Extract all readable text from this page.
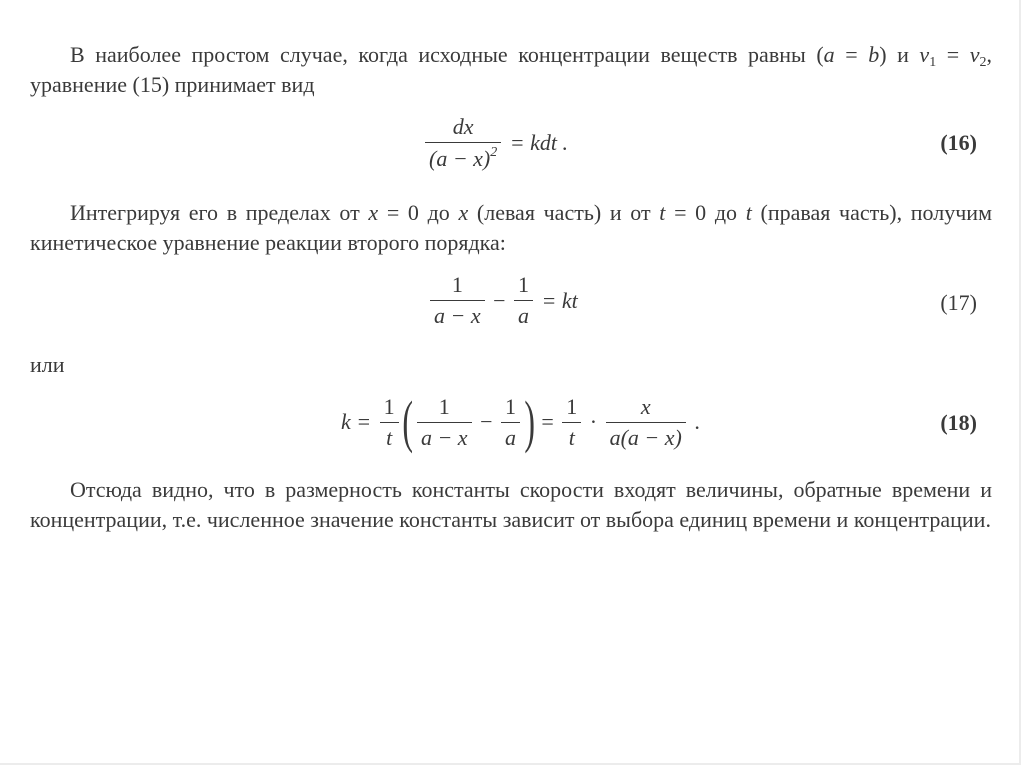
В наиболее простом случае, когда исходные концентрации веществ равны (a = b) и $\nu_1 = \nu_2$, уравнение (15) принимает вид

$\frac{dx}{(a - x)^2}$ = kdt .	(16)

Интегрируя его в пределах от x = 0 до x (левая часть) и от t = 0 до t (правая часть), получим кинетическое уравнение реакции второго порядка:

$\frac{1}{a - x} - \frac{1}{a}$ = kt	(17)

или

$k = \frac{1}{t}$ ( $\frac{1}{a - x} - \frac{1}{a}$ ) = $\frac{1}{t} \cdot \frac{x}{a(a - x)}$ .	(18)

Отсюда видно, что в размерность константы скорости входят величины, обратные времени и концентрации, т.е. численное значение константы зависит от выбора единиц времени и концентрации.
